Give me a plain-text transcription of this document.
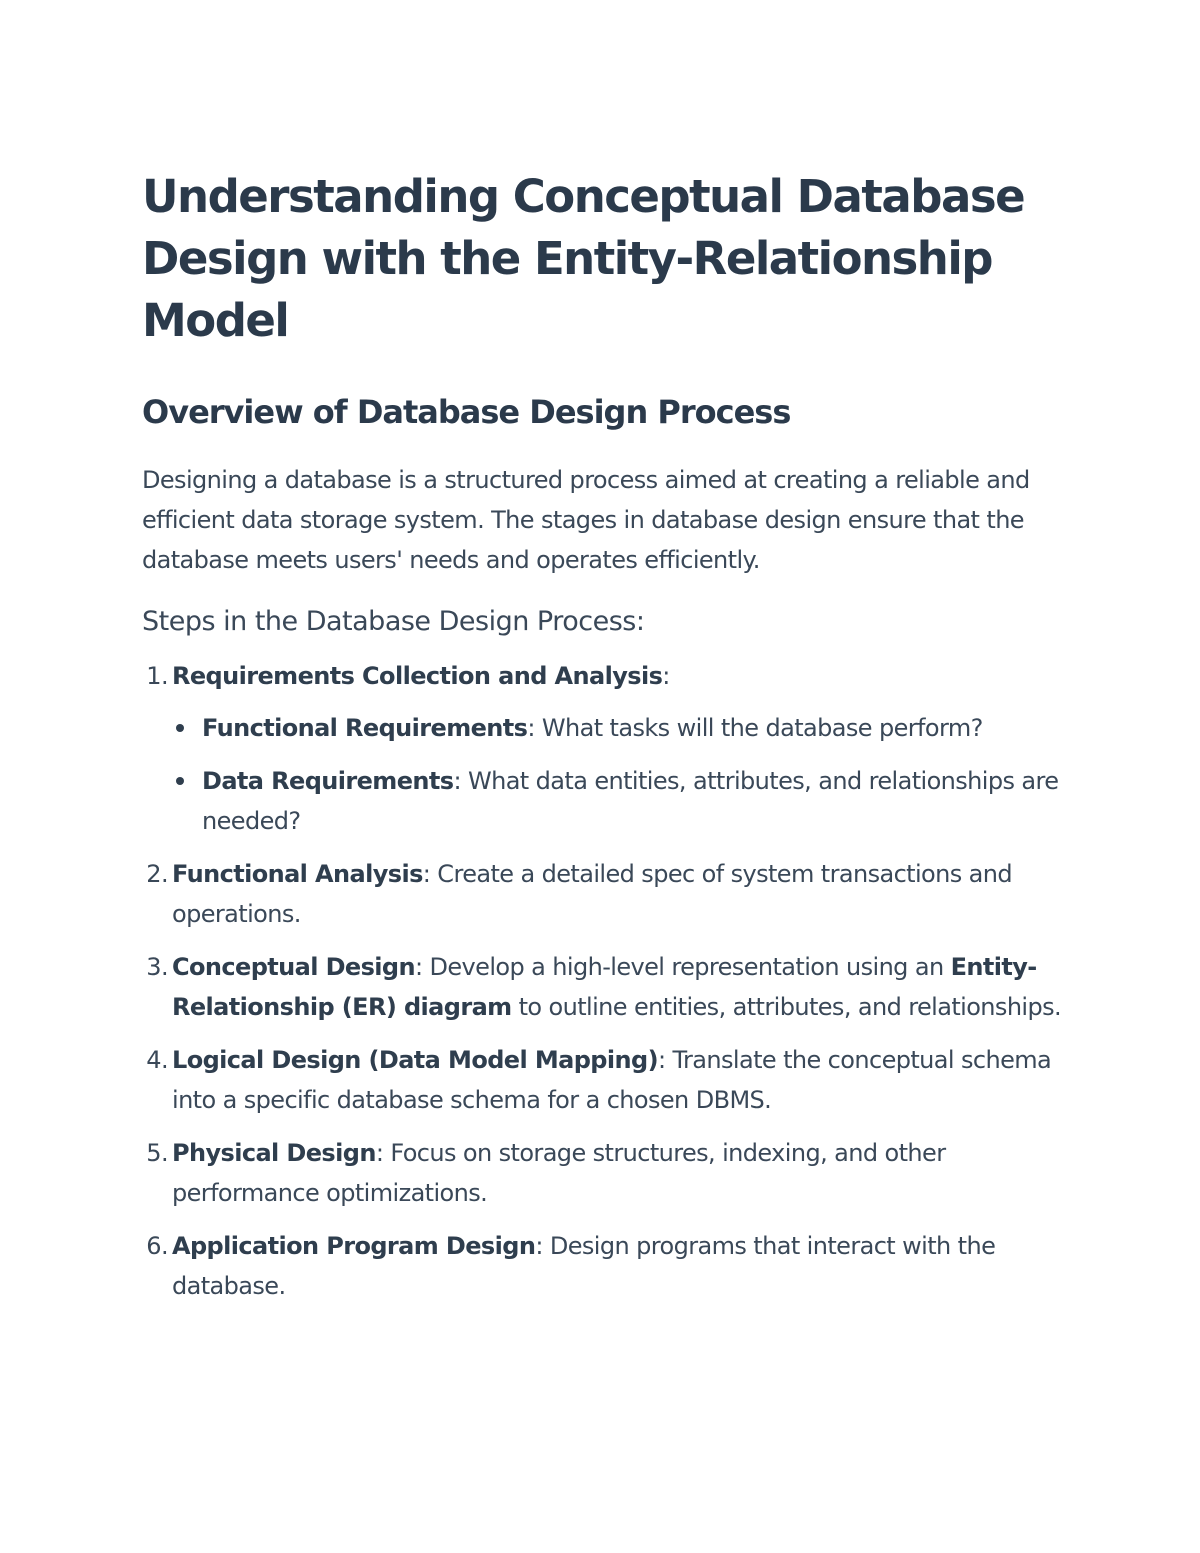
Understanding Conceptual Database Design with the Entity-Relationship Model
Overview of Database Design Process

Designing a database is a structured process aimed at creating a reliable and efficient data storage system. The stages in database design ensure that the database meets users' needs and operates efficiently.

Steps in the Database Design Process:
1. Requirements Collection and Analysis:
Functional Requirements: What tasks will the database perform?
Data Requirements: What data entities, attributes, and relationships are needed?
2. Functional Analysis: Create a detailed spec of system transactions and operations.
3. Conceptual Design: Develop a high-level representation using an Entity-Relationship (ER) diagram to outline entities, attributes, and relationships.
4. Logical Design (Data Model Mapping): Translate the conceptual schema into a specific database schema for a chosen DBMS.
5. Physical Design: Focus on storage structures, indexing, and other performance optimizations.
6. Application Program Design: Design programs that interact with the database.
